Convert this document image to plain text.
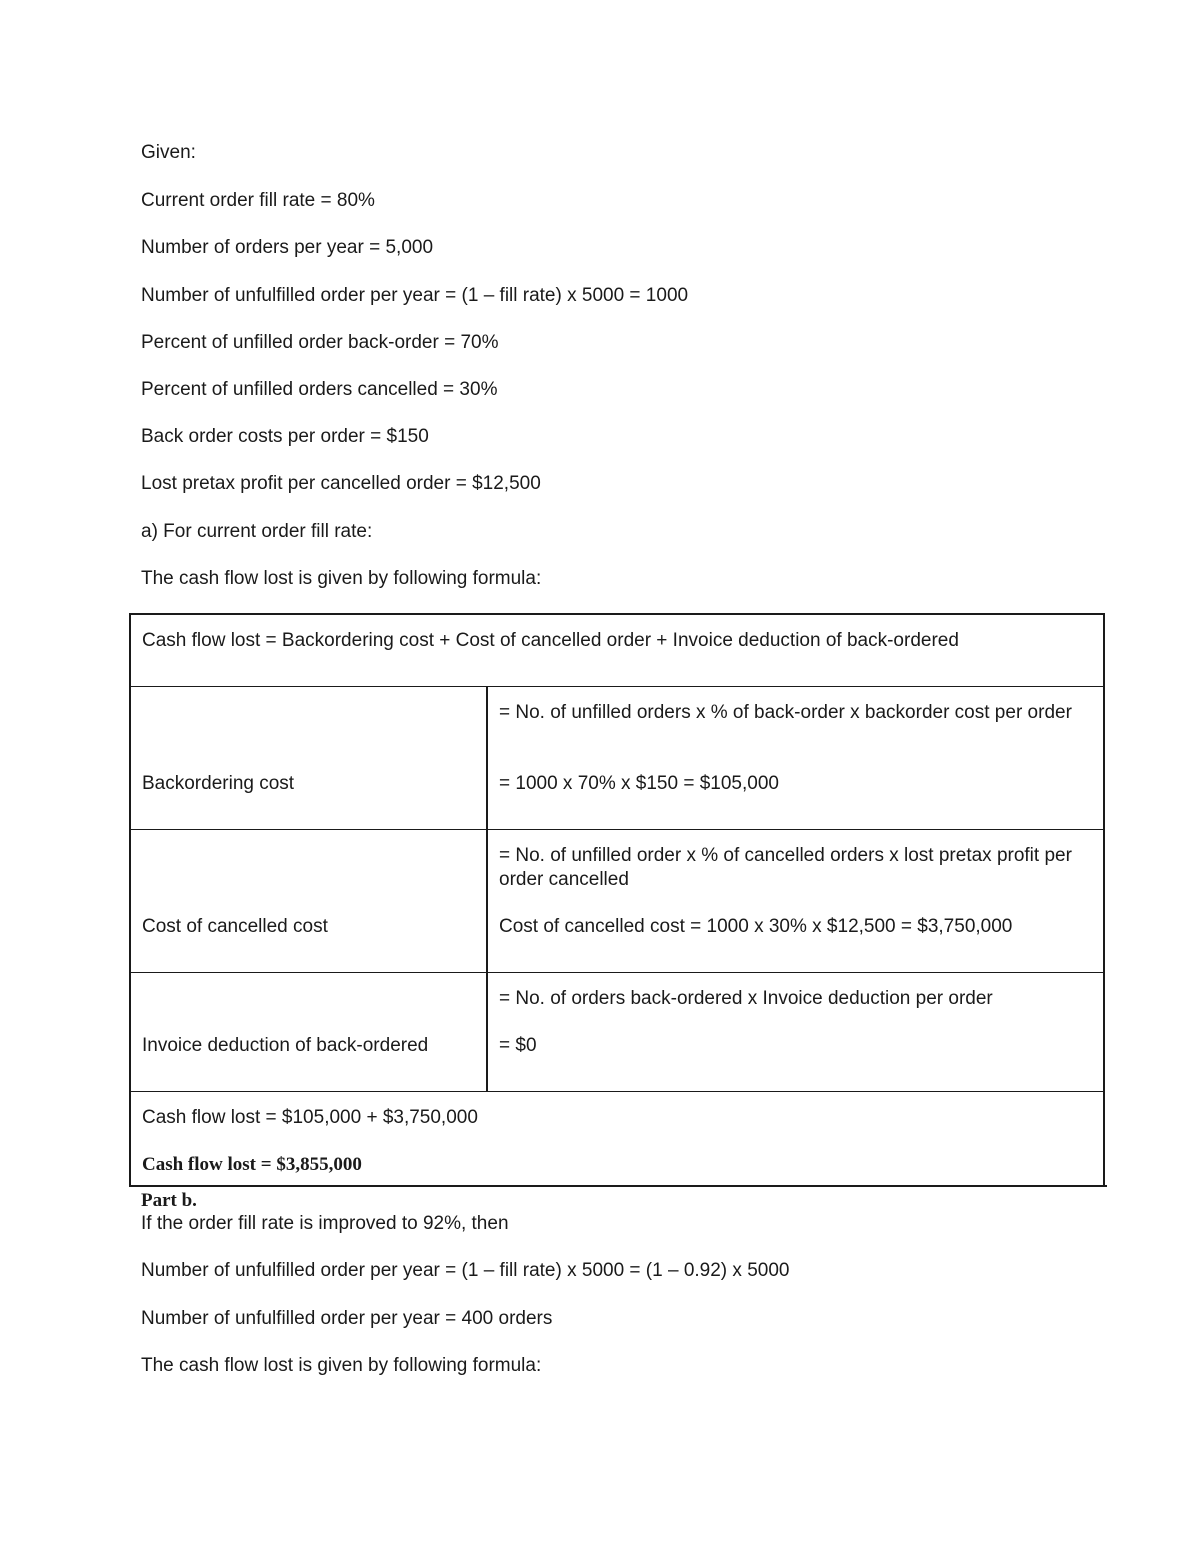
Given:
Current order fill rate = 80%
Number of orders per year = 5,000
Number of unfulfilled order per year = (1 – fill rate) x 5000 = 1000
Percent of unfilled order back-order = 70%
Percent of unfilled orders cancelled = 30%
Back order costs per order = $150
Lost pretax profit per cancelled order = $12,500
a) For current order fill rate:
The cash flow lost is given by following formula:
Cash flow lost = Backordering cost + Cost of cancelled order + Invoice deduction of back-ordered
= No. of unfilled orders x % of back-order x backorder cost per order
= 1000 x 70% x $150 = $105,000
Backordering cost
= No. of unfilled order x % of cancelled orders x lost pretax profit per order cancelled
Cost of cancelled cost = 1000 x 30% x $12,500 = $3,750,000
Cost of cancelled cost
= No. of orders back-ordered x Invoice deduction per order
= $0
Invoice deduction of back-ordered
Cash flow lost = $105,000 + $3,750,000
Cash flow lost = $3,855,000
Part b.
If the order fill rate is improved to 92%, then
Number of unfulfilled order per year = (1 – fill rate) x 5000 = (1 – 0.92) x 5000
Number of unfulfilled order per year = 400 orders
The cash flow lost is given by following formula:
